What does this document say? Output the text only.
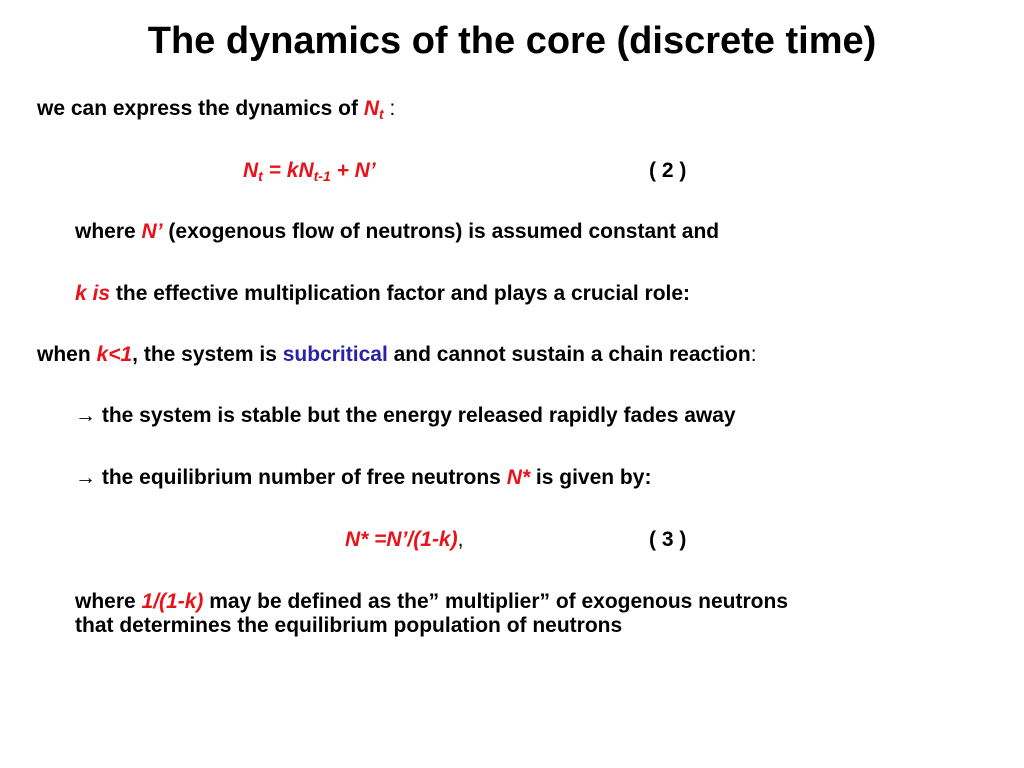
The dynamics of the core (discrete time)
we can express the dynamics of $N_t$ :
$N_t = kN_{t-1} + N$’	( 2 )
where N’ (exogenous flow of neutrons) is assumed constant and
k is the effective multiplication factor and plays a crucial role:
when k<1, the system is subcritical and cannot sustain a chain reaction:
→ the system is stable but the energy released rapidly fades away
→ the equilibrium number of free neutrons N* is given by:
N* =N’/(1-k),	( 3 )
where 1/(1-k) may be defined as the” multiplier” of exogenous neutrons
that determines the equilibrium population of neutrons
